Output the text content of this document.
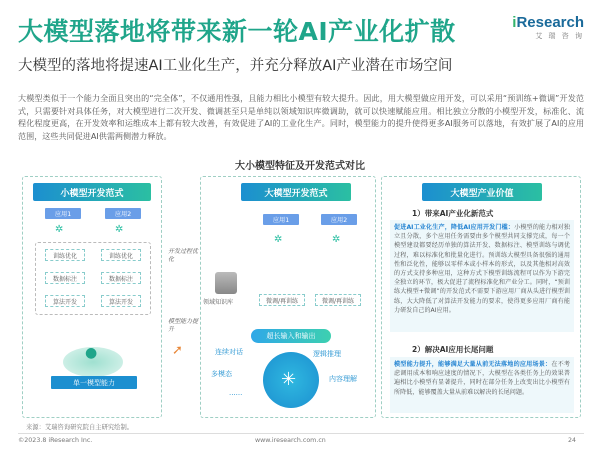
大模型落地将带来新一轮AI产业化扩散
大模型的落地将提速AI工业化生产，并充分释放AI产业潜在市场空间
iResearch
艾 瑞 咨 询
大模型类似于一个能力全面且突出的“完全体”，不仅通用性强，且能力相比小模型有较大提升。因此，用大模型做应用开发，可以采用“预训练+微调”开发范式，只需要针对具体任务，对大模型进行二次开发、微调甚至只是单纯以领域知识库微调助，就可以快速赋能应用。相比独立分散的小模型开发，标准化、流程化程度更高，在开发效率和运维成本上都有较大改善，有效促进了AI的工业化生产。同时，模型能力的提升使得更多AI服务可以落地，有效扩展了AI的应用范围，这些共同促进AI供需两侧潜力释放。
大小模型特征及开发范式对比
小模型开发范式
应用1	应用2
✲	✲
训练优化	训练优化
数据标注	数据标注
算法开发	算法开发
●
单一模型能力
开发过程优化
模型能力提升
➚
大模型开发范式
应用1	应用2
✲	✲
领域知识库	微调/再训练	微调/再训练
超长输入和输出
✳
连续对话	逻辑推理
多模态
内容理解
......
大模型产业价值
1）带来AI产业化新范式
促进AI工业化生产，降低AI应用开发门槛：小模型的能力相对独立且分散，多个应用任务需要由多个模型共同支撑完成，每一个模型建设都要经历单独的算法开发、数据标注、模型训练与调优过程，难以标准化和批量化进行。预训练大模型具备很强的通用性和泛化性，能够以零样本或小样本的形式，以及其他相对高效的方式支持多种应用，这种方式下模型训练流程可以作为下游完全独立的环节，极大促进了流程标准化和产业分工。同时，“预训练大模型+微调”的开发范式不需要下游应用厂商从头进行模型训练，大大降低了对算法开发能力的要求，使得更多应用厂商有能力研发自己的AI应用。
2）解决AI应用长尾问题
模型能力提升，能够满足大量从前无法落地的应用场景：在不考虑调用成本和响应速度的情况下，大模型在各类任务上的效果普遍相比小模型有显著提升，同时在部分任务上改变出比小模型有所降低，能够覆盖大量从前难以解决的长尾问题。
来源：艾瑞咨询研究院自主研究绘制。
©2023.8 iResearch Inc.	www.iresearch.com.cn	24
